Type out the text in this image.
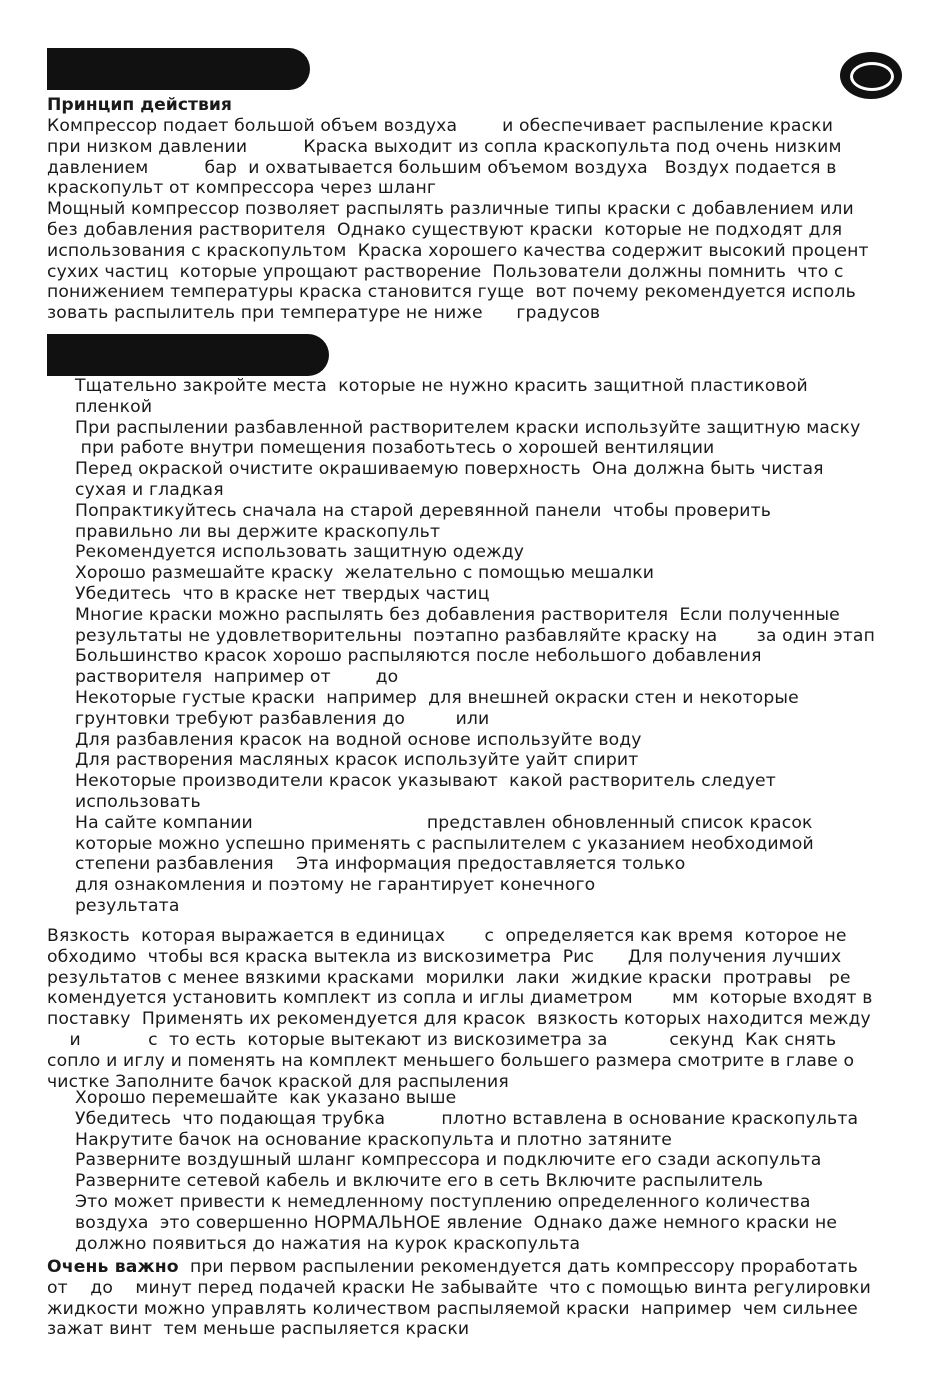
Принцип действия
Компрессор подает большой объем воздуха        и обеспечивает распыление краски
при низком давлении          Краска выходит из сопла краскопульта под очень низким
давлением          бар  и охватывается большим объемом воздуха   Воздух подается в
краскопульт от компрессора через шланг
Мощный компрессор позволяет распылять различные типы краски с добавлением или
без добавления растворителя  Однако существуют краски  которые не подходят для
использования с краскопультом  Краска хорошего качества содержит высокий процент
сухих частиц  которые упрощают растворение  Пользователи должны помнить  что с
понижением температуры краска становится гуще  вот почему рекомендуется исполь
зовать распылитель при температуре не ниже      градусов
Тщательно закройте места  которые не нужно красить защитной пластиковой
пленкой
При распылении разбавленной растворителем краски используйте защитную маску
при работе внутри помещения позаботьтесь о хорошей вентиляции
Перед окраской очистите окрашиваемую поверхность  Она должна быть чистая
сухая и гладкая
Попрактикуйтесь сначала на старой деревянной панели  чтобы проверить
правильно ли вы держите краскопульт
Рекомендуется использовать защитную одежду
Хорошо размешайте краску  желательно с помощью мешалки
Убедитесь  что в краске нет твердых частиц
Многие краски можно распылять без добавления растворителя  Если полученные
результаты не удовлетворительны  поэтапно разбавляйте краску на       за один этап
Большинство красок хорошо распыляются после небольшого добавления
растворителя  например от        до
Некоторые густые краски  например  для внешней окраски стен и некоторые
грунтовки требуют разбавления до         или
Для разбавления красок на водной основе используйте воду
Для растворения масляных красок используйте уайт спирит
Некоторые производители красок указывают  какой растворитель следует
использовать
На сайте компании                               представлен обновленный список красок
которые можно успешно применять с распылителем с указанием необходимой
степени разбавления    Эта информация предоставляется только
для ознакомления и поэтому не гарантирует конечного
результата
Вязкость  которая выражается в единицах       с  определяется как время  которое не
обходимо  чтобы вся краска вытекла из вискозиметра  Рис      Для получения лучших
результатов с менее вязкими красками  морилки  лаки  жидкие краски  протравы   ре
комендуется установить комплект из сопла и иглы диаметром       мм  которые входят в
поставку  Применять их рекомендуется для красок  вязкость которых находится между
и            с  то есть  которые вытекают из вискозиметра за           секунд  Как снять
сопло и иглу и поменять на комплект меньшего большего размера смотрите в главе о
чистке Заполните бачок краской для распыления
Хорошо перемешайте  как указано выше
Убедитесь  что подающая трубка          плотно вставлена в основание краскопульта
Накрутите бачок на основание краскопульта и плотно затяните
Разверните воздушный шланг компрессора и подключите его сзади аскопульта
Разверните сетевой кабель и включите его в сеть Включите распылитель
Это может привести к немедленному поступлению определенного количества
воздуха  это совершенно НОРМАЛЬНОЕ явление  Однако даже немного краски не
должно появиться до нажатия на курок краскопульта
Очень важно  при первом распылении рекомендуется дать компрессору проработать
от    до    минут перед подачей краски Не забывайте  что с помощью винта регулировки
жидкости можно управлять количеством распыляемой краски  например  чем сильнее
зажат винт  тем меньше распыляется краски
